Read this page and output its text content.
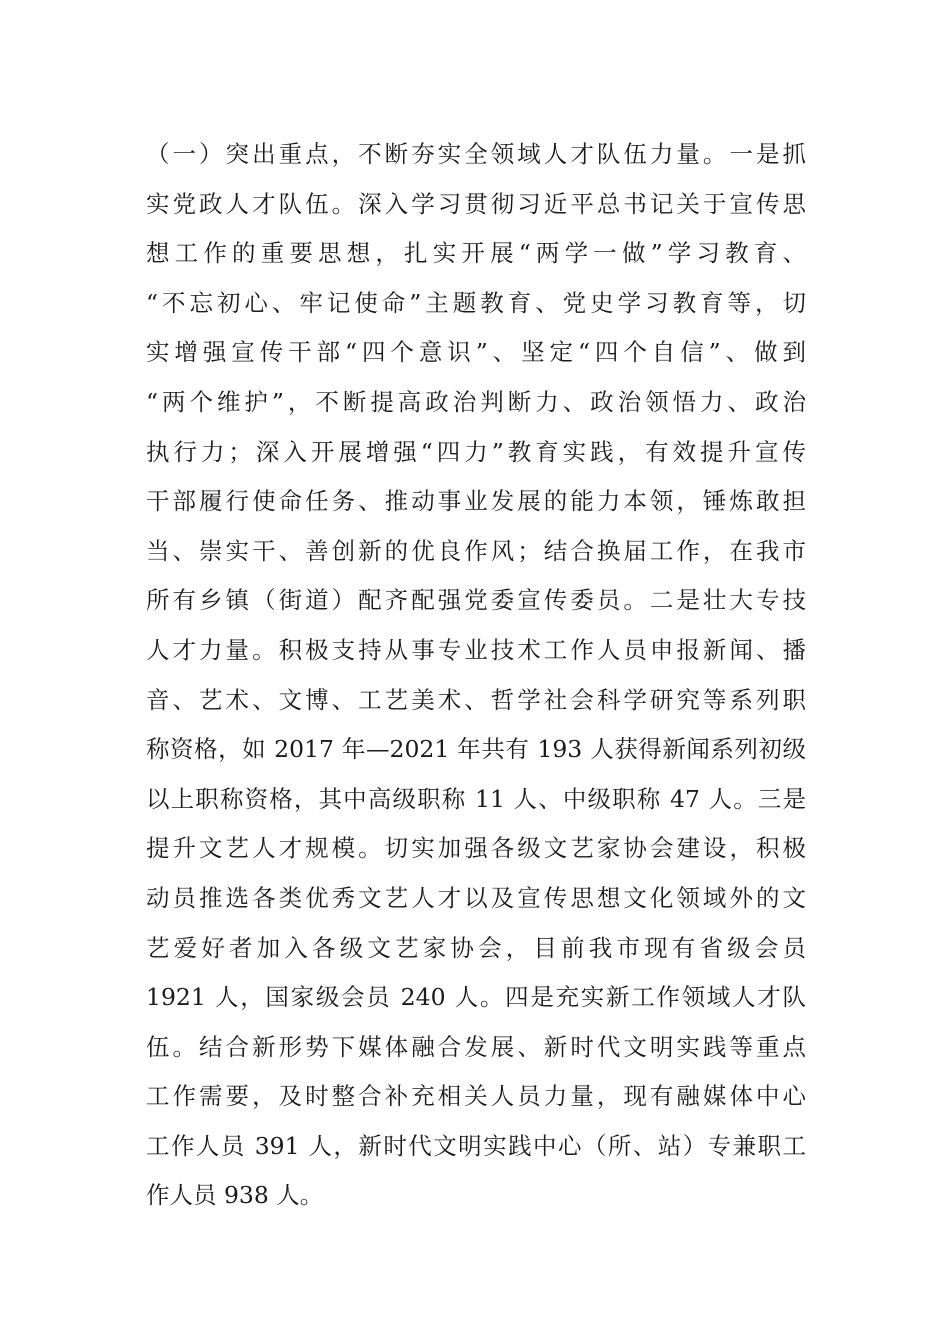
（一）突出重点，不断夯实全领域人才队伍力量。一是抓
实党政人才队伍。深入学习贯彻习近平总书记关于宣传思
想工作的重要思想，扎实开展“两学一做”学习教育、
“不忘初心、牢记使命”主题教育、党史学习教育等，切
实增强宣传干部“四个意识”、坚定“四个自信”、做到
“两个维护”，不断提高政治判断力、政治领悟力、政治
执行力；深入开展增强“四力”教育实践，有效提升宣传
干部履行使命任务、推动事业发展的能力本领，锤炼敢担
当、崇实干、善创新的优良作风；结合换届工作，在我市
所有乡镇（街道）配齐配强党委宣传委员。二是壮大专技
人才力量。积极支持从事专业技术工作人员申报新闻、播
音、艺术、文博、工艺美术、哲学社会科学研究等系列职
称资格，如 2017 年—2021 年共有 193 人获得新闻系列初级
以上职称资格，其中高级职称 11 人、中级职称 47 人。三是
提升文艺人才规模。切实加强各级文艺家协会建设，积极
动员推选各类优秀文艺人才以及宣传思想文化领域外的文
艺爱好者加入各级文艺家协会，目前我市现有省级会员
1921 人，国家级会员 240 人。四是充实新工作领域人才队
伍。结合新形势下媒体融合发展、新时代文明实践等重点
工作需要，及时整合补充相关人员力量，现有融媒体中心
工作人员 391 人，新时代文明实践中心（所、站）专兼职工
作人员 938 人。
